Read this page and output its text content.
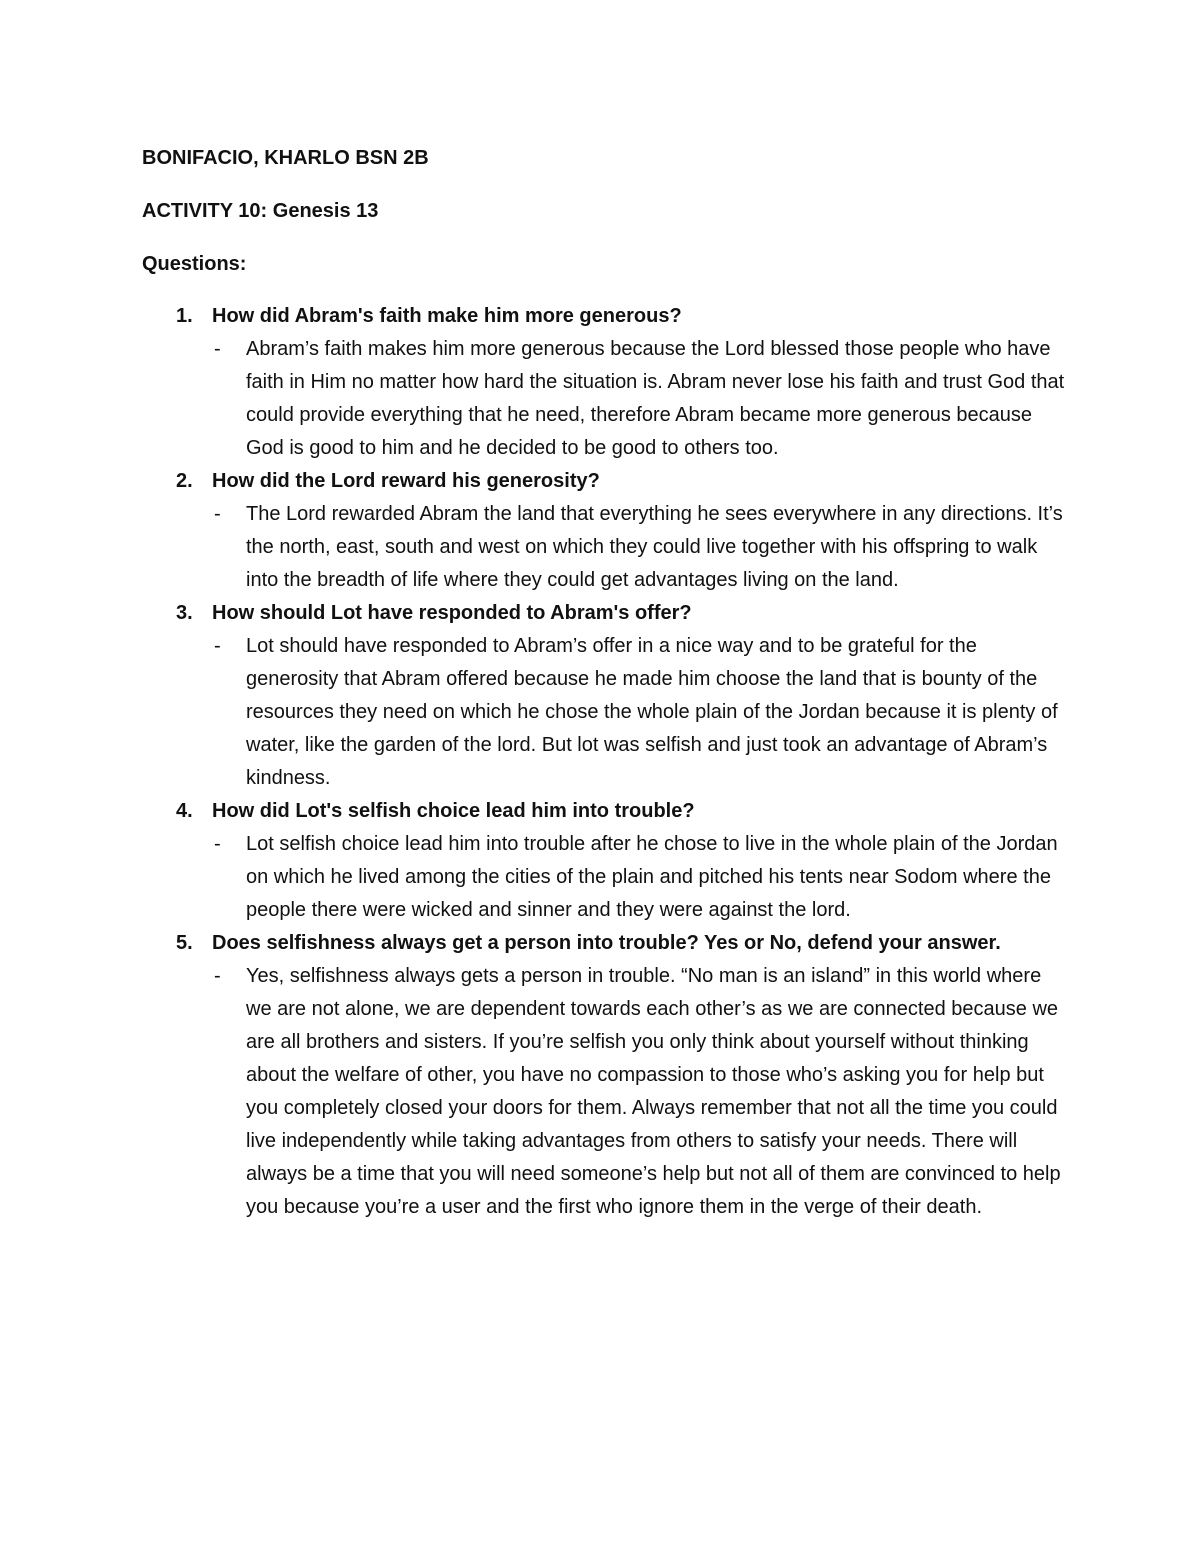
BONIFACIO, KHARLO BSN 2B
ACTIVITY 10: Genesis 13
Questions:
1. How did Abram's faith make him more generous?
- Abram’s faith makes him more generous because the Lord blessed those people who have faith in Him no matter how hard the situation is. Abram never lose his faith and trust God that could provide everything that he need, therefore Abram became more generous because God is good to him and he decided to be good to others too.
2. How did the Lord reward his generosity?
- The Lord rewarded Abram the land that everything he sees everywhere in any directions. It’s the north, east, south and west on which they could live together with his offspring to walk into the breadth of life where they could get advantages living on the land.
3. How should Lot have responded to Abram's offer?
- Lot should have responded to Abram’s offer in a nice way and to be grateful for the generosity that Abram offered because he made him choose the land that is bounty of the resources they need on which he chose the whole plain of the Jordan because it is plenty of water, like the garden of the lord. But lot was selfish and just took an advantage of Abram’s kindness.
4. How did Lot's selfish choice lead him into trouble?
- Lot selfish choice lead him into trouble after he chose to live in the whole plain of the Jordan on which he lived among the cities of the plain and pitched his tents near Sodom where the people there were wicked and sinner and they were against the lord.
5. Does selfishness always get a person into trouble? Yes or No, defend your answer.
- Yes, selfishness always gets a person in trouble. “No man is an island” in this world where we are not alone, we are dependent towards each other’s as we are connected because we are all brothers and sisters. If you’re selfish you only think about yourself without thinking about the welfare of other, you have no compassion to those who’s asking you for help but you completely closed your doors for them. Always remember that not all the time you could live independently while taking advantages from others to satisfy your needs. There will always be a time that you will need someone’s help but not all of them are convinced to help you because you’re a user and the first who ignore them in the verge of their death.
